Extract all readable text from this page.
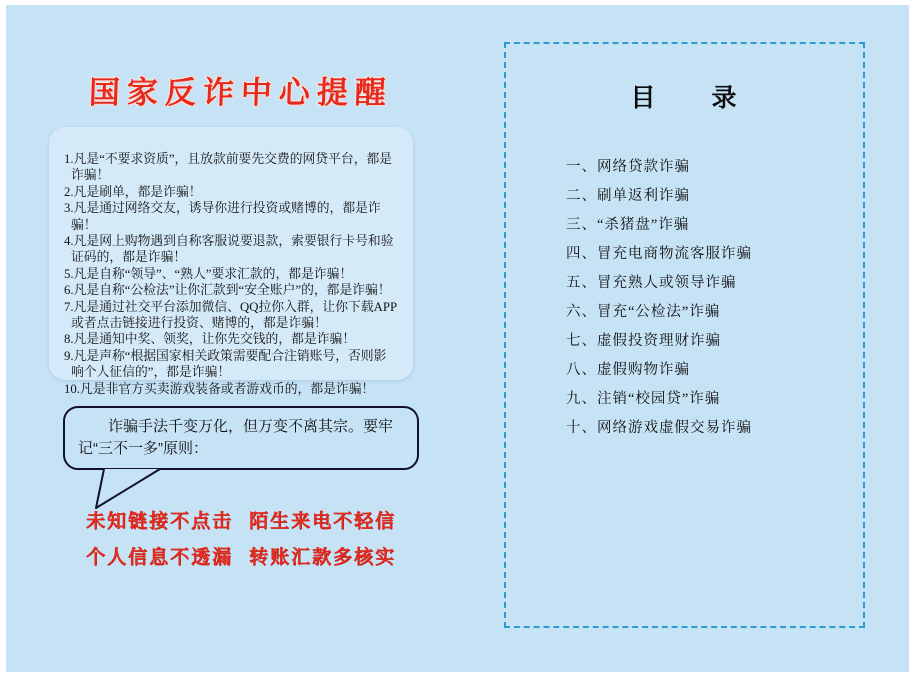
国家反诈中心提醒

1.凡是“不要求资质”，且放款前要先交费的网贷平台，都是诈骗！

2.凡是刷单，都是诈骗！

3.凡是通过网络交友，诱导你进行投资或赌博的，都是诈骗！

4.凡是网上购物遇到自称客服说要退款，索要银行卡号和验证码的，都是诈骗！

5.凡是自称“领导”、“熟人”要求汇款的，都是诈骗！

6.凡是自称“公检法”让你汇款到“安全账户”的，都是诈骗！

7.凡是通过社交平台添加微信、QQ拉你入群，让你下载APP或者点击链接进行投资、赌博的，都是诈骗！

8.凡是通知中奖、领奖，让你先交钱的，都是诈骗！

9.凡是声称“根据国家相关政策需要配合注销账号，否则影响个人征信的”，都是诈骗！

10.凡是非官方买卖游戏装备或者游戏币的，都是诈骗！

诈骗手法千变万化，但万变不离其宗。要牢记“三不一多”原则：

未知链接不点击 陌生来电不轻信
个人信息不透漏 转账汇款多核实
目　　录
一、网络贷款诈骗
二、刷单返利诈骗
三、“杀猪盘”诈骗
四、冒充电商物流客服诈骗
五、冒充熟人或领导诈骗
六、冒充“公检法”诈骗
七、虚假投资理财诈骗
八、虚假购物诈骗
九、注销“校园贷”诈骗
十、网络游戏虚假交易诈骗
